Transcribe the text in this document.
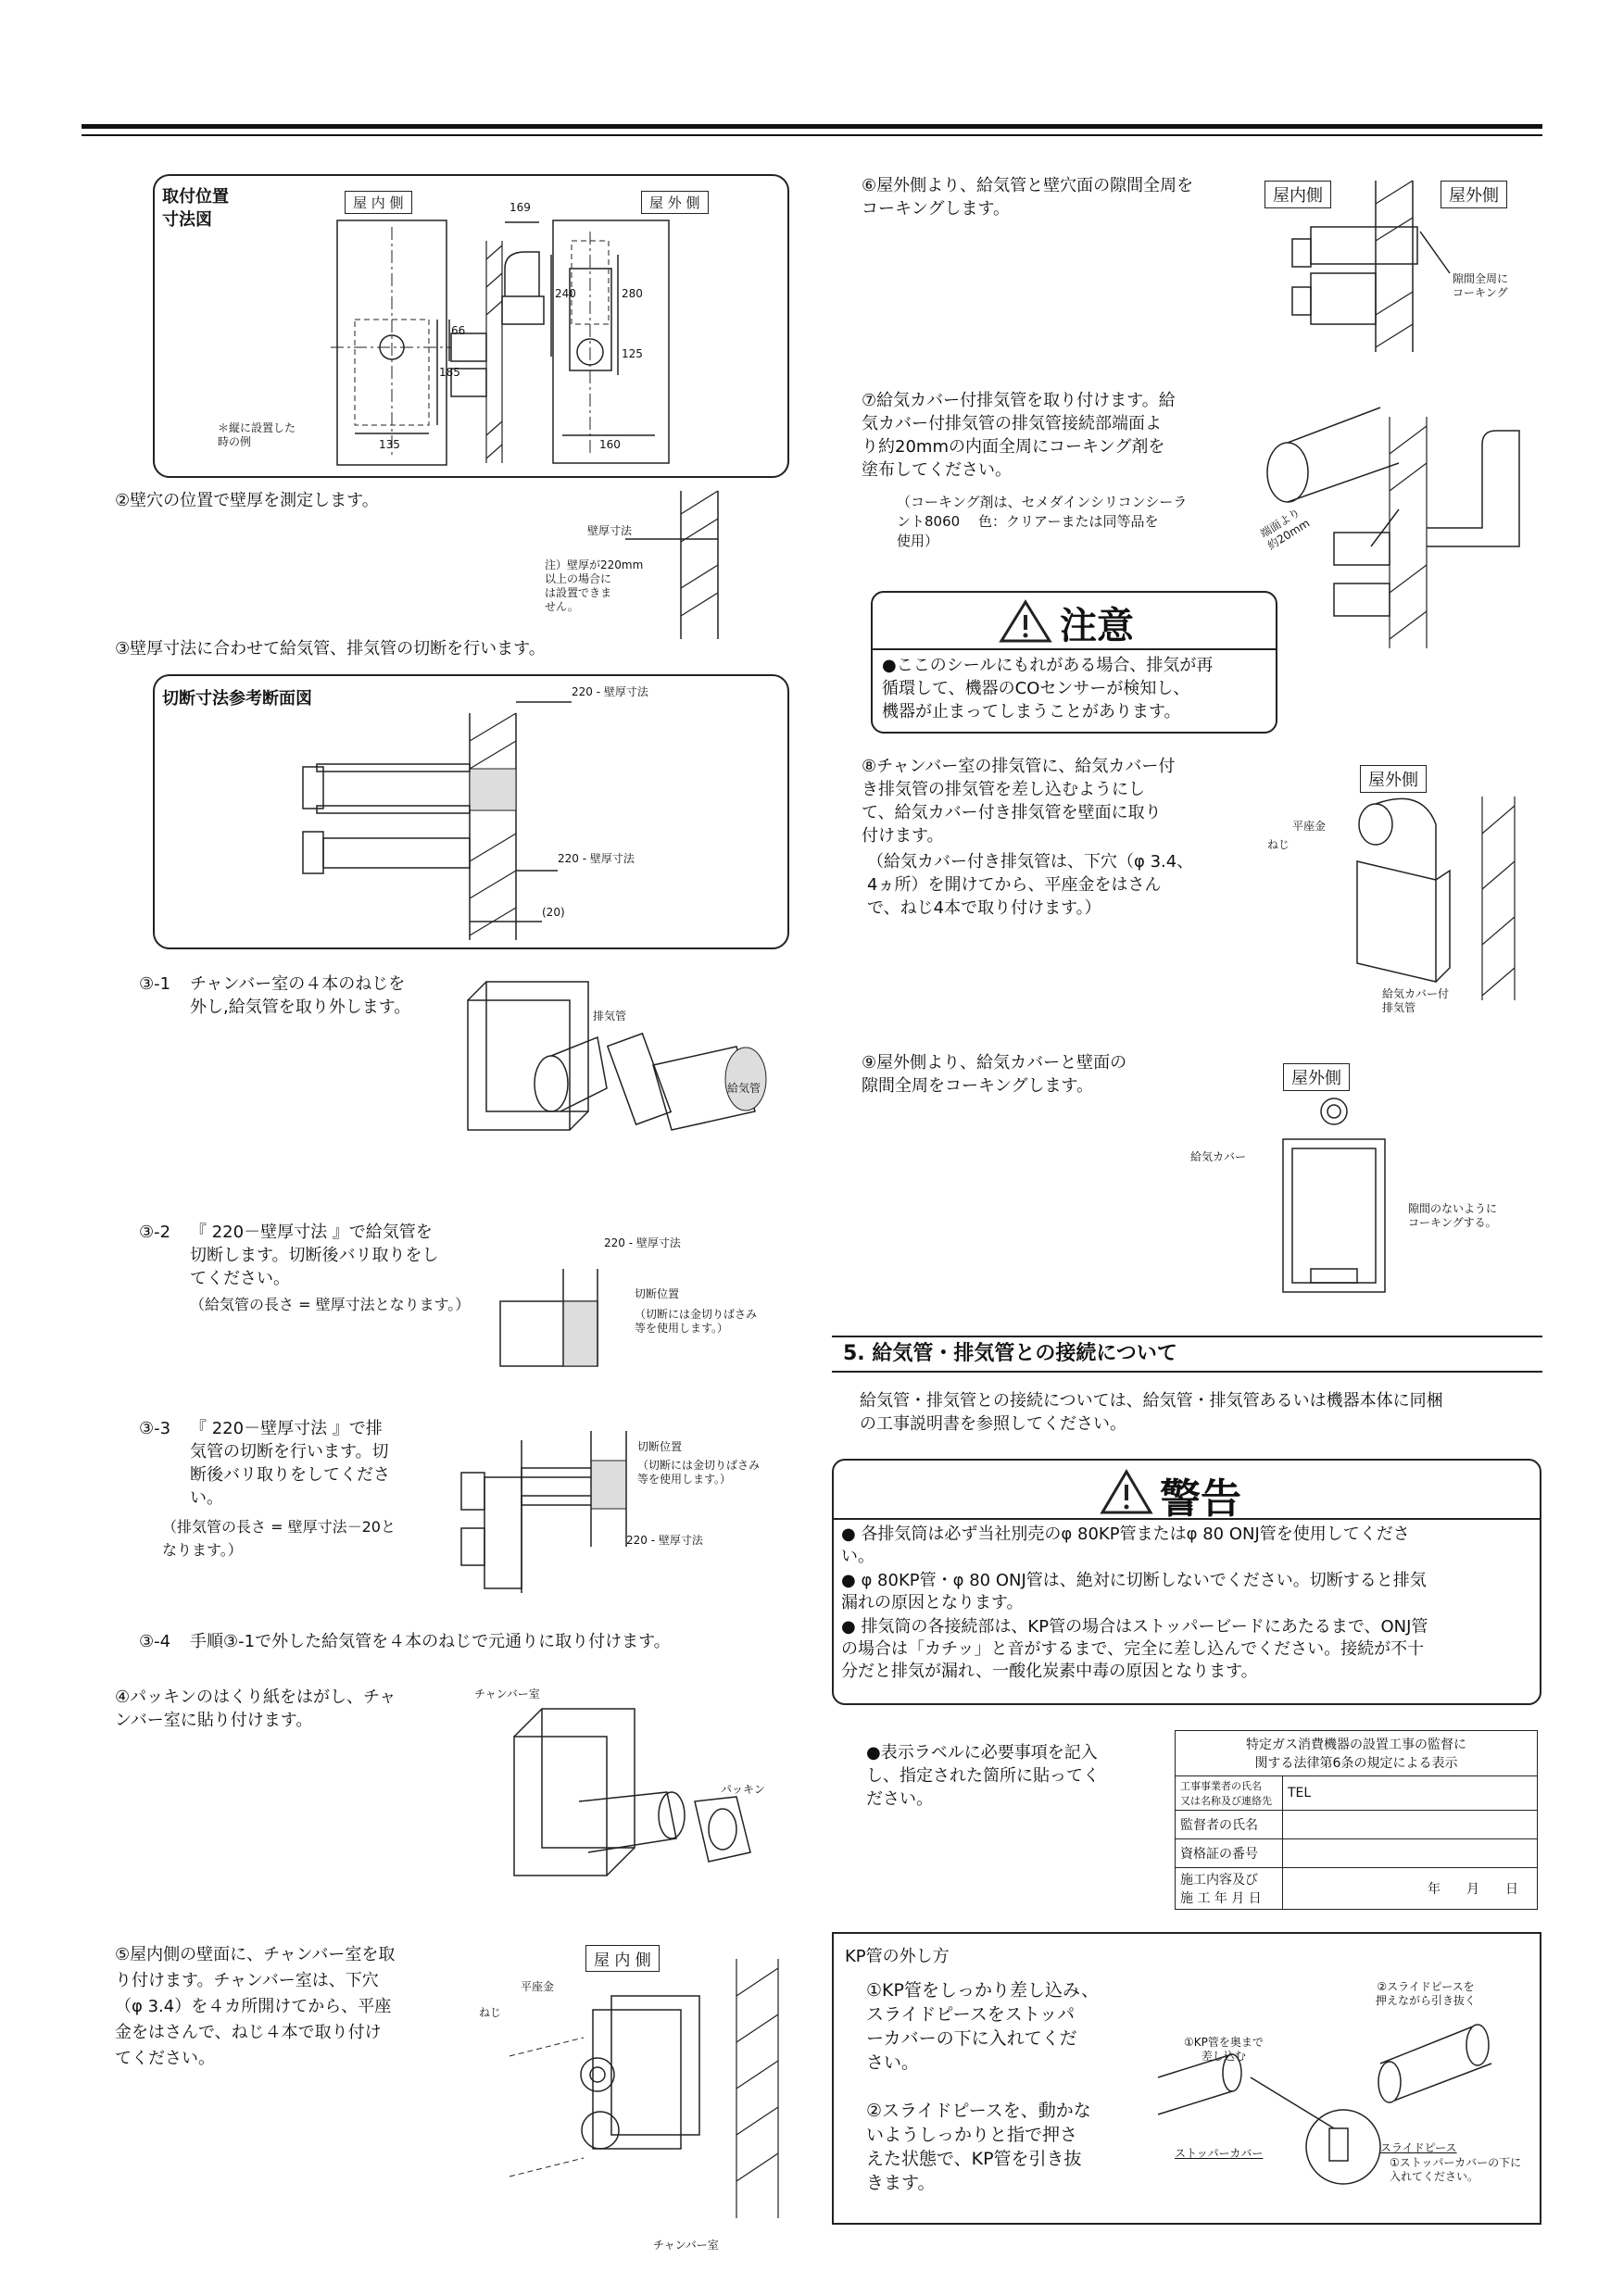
取付位置
寸法図
屋 内 側	屋 外 側
169
240
66
185
135
280
125
160
＊縦に設置した
時の例
②壁穴の位置で壁厚を測定します。
壁厚寸法
注）壁厚が220mm
以上の場合に
は設置できま
せん。
③壁厚寸法に合わせて給気管、排気管の切断を行います。
切断寸法参考断面図	220 - 壁厚寸法
220 - 壁厚寸法
(20)
③-1 チャンバー室の４本のねじを
外し,給気管を取り外します。	排気管
給気管
③-2 『 220－壁厚寸法 』で給気管を
切断します。切断後バリ取りをし
てください。
（給気管の長さ = 壁厚寸法となります。）
220 - 壁厚寸法
切断位置
（切断には金切りばさみ
等を使用します。）
③-3 『 220－壁厚寸法 』で排
気管の切断を行います。切
断後バリ取りをしてくださ
い。
（排気管の長さ = 壁厚寸法－20と
なります。）
切断位置
（切断には金切りばさみ
等を使用します。）
220 - 壁厚寸法
③-4 手順③-1で外した給気管を４本のねじで元通りに取り付けます。
④パッキンのはくり紙をはがし、チャ
ンバー室に貼り付けます。
チャンバー室
パッキン
⑤屋内側の壁面に、チャンバー室を取
り付けます。チャンバー室は、下穴
（φ 3.4）を４カ所開けてから、平座
金をはさんで、ねじ４本で取り付け
てください。
屋 内 側
平座金
ねじ
チャンバー室
⑥屋外側より、給気管と壁穴面の隙間全周を
コーキングします。
屋内側	屋外側
隙間全周に
コーキング
⑦給気カバー付排気管を取り付けます。給
気カバー付排気管の排気管接続部端面よ
り約20mmの内面全周にコーキング剤を
塗布してください。
（コーキング剤は、セメダインシリコンシーラ
ント8060　 色：クリアーまたは同等品を
使用）
端面より
約20mm
注意
●ここのシールにもれがある場合、排気が再
循環して、機器のCOセンサーが検知し、
機器が止まってしまうことがあります。
⑧チャンバー室の排気管に、給気カバー付
き排気管の排気管を差し込むようにし
て、給気カバー付き排気管を壁面に取り
付けます。
（給気カバー付き排気管は、下穴（φ 3.4、
4ヵ所）を開けてから、平座金をはさん
で、ねじ4本で取り付けます。）
屋外側
平座金
ねじ
給気カバー付
排気管
⑨屋外側より、給気カバーと壁面の
隙間全周をコーキングします。	屋外側
給気カバー
隙間のないように
コーキングする。
5. 給気管・排気管との接続について
給気管・排気管との接続については、給気管・排気管あるいは機器本体に同梱
の工事説明書を参照してください。
警告
● 各排気筒は必ず当社別売のφ 80KP管またはφ 80 ONJ管を使用してくださ
い。
● φ 80KP管・φ 80 ONJ管は、絶対に切断しないでください。切断すると排気
漏れの原因となります。
● 排気筒の各接続部は、KP管の場合はストッパービードにあたるまで、ONJ管
の場合は「カチッ」と音がするまで、完全に差し込んでください。接続が不十
分だと排気が漏れ、一酸化炭素中毒の原因となります。
●表示ラベルに必要事項を記入
し、指定された箇所に貼ってく
ださい。
特定ガス消費機器の設置工事の監督に
関する法律第6条の規定による表示	
工事事業者の氏名
又は名称及び連絡先	TEL
監督者の氏名	
資格証の番号	
施工内容及び
施 工 年 月 日	年　　月　　日
KP管の外し方
①KP管をしっかり差し込み、
スライドピースをストッパ
ーカバーの下に入れてくだ
さい。
②スライドピースを、動かな
いようしっかりと指で押さ
えた状態で、KP管を引き抜
きます。
②スライドピースを
押えながら引き抜く
①KP管を奥まで
差し込む
ストッパーカバー	スライドピース
①ストッパーカバーの下に
入れてください。
